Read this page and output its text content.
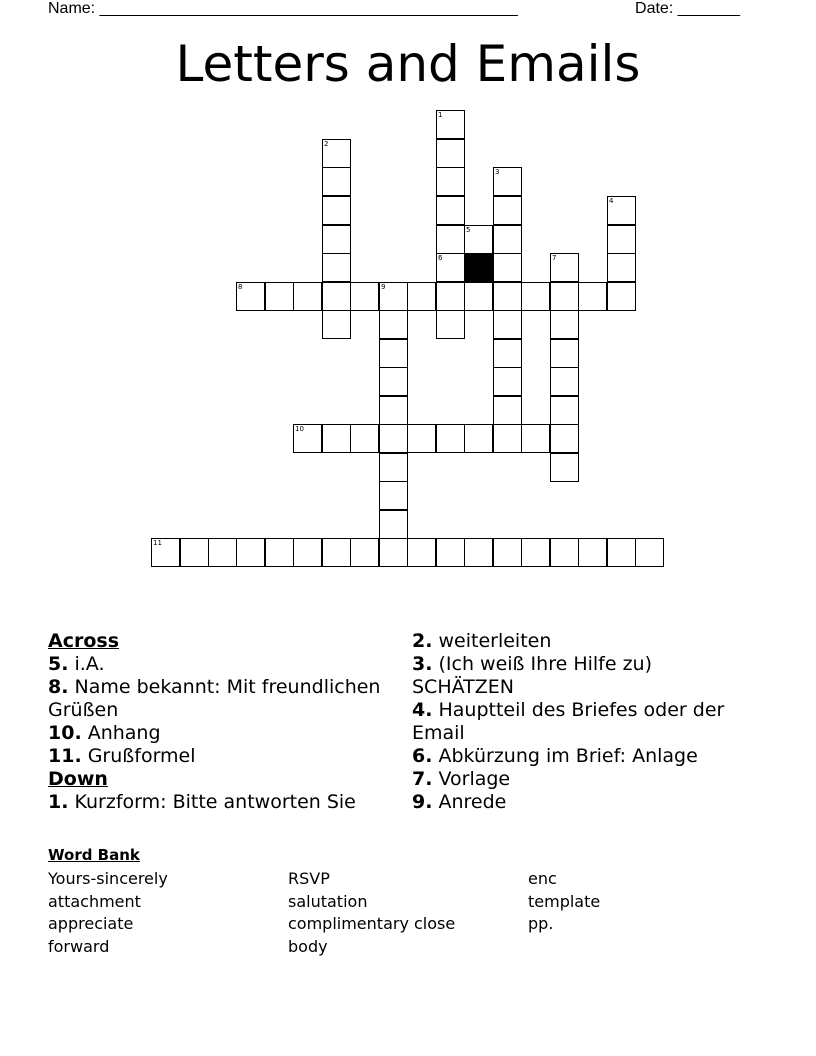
Name: _______________________________________________	Date: _______
Letters and Emails
1
2
3
4
5
6	7
8	9
10
11
Across
5. i.A.
8. Name bekannt: Mit freundlichen Grüßen
10. Anhang
11. Grußformel
Down
1. Kurzform: Bitte antworten Sie
2. weiterleiten
3. (Ich weiß Ihre Hilfe zu) SCHÄTZEN
4. Hauptteil des Briefes oder der Email
6. Abkürzung im Brief: Anlage
7. Vorlage
9. Anrede
Word Bank
Yours-sincerely
attachment
appreciate
forward
RSVP
salutation
complimentary close
body
enc
template
pp.
